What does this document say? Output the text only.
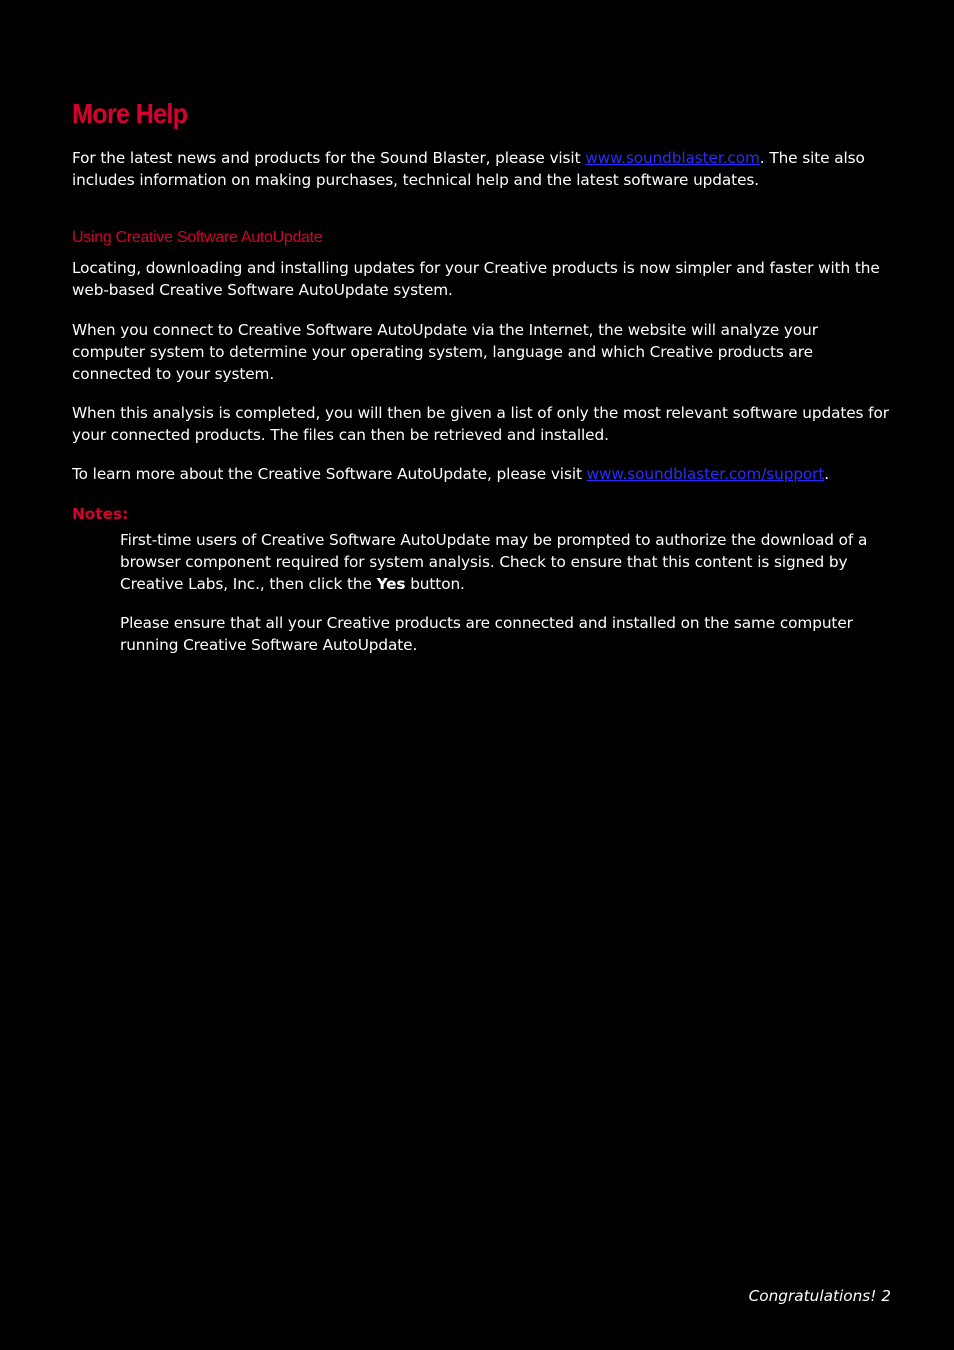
More Help

For the latest news and products for the Sound Blaster, please visit www.soundblaster.com. The site also includes information on making purchases, technical help and the latest software updates.

Using Creative Software AutoUpdate

Locating, downloading and installing updates for your Creative products is now simpler and faster with the web-based Creative Software AutoUpdate system.

When you connect to Creative Software AutoUpdate via the Internet, the website will analyze your computer system to determine your operating system, language and which Creative products are connected to your system.

When this analysis is completed, you will then be given a list of only the most relevant software updates for your connected products. The files can then be retrieved and installed.

To learn more about the Creative Software AutoUpdate, please visit www.soundblaster.com/support.

Notes:

First-time users of Creative Software AutoUpdate may be prompted to authorize the download of a browser component required for system analysis. Check to ensure that this content is signed by Creative Labs, Inc., then click the Yes button.

Please ensure that all your Creative products are connected and installed on the same computer running Creative Software AutoUpdate.

Congratulations! 2
